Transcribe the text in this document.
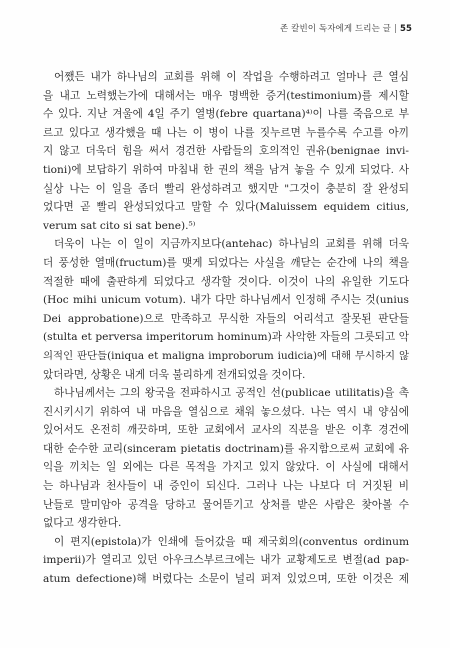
존 칼빈이 독자에게 드리는 글 | 55

어쨌든 내가 하나님의 교회를 위해 이 작업을 수행하려고 얼마나 큰 열심
을 내고 노력했는가에 대해서는 매우 명백한 증거(testimonium)를 제시할
수 있다. 지난 겨울에 4일 주기 열병(febre quartana)⁴⁾이 나를 죽음으로 부
르고 있다고 생각했을 때 나는 이 병이 나를 짓누르면 누를수록 수고를 아끼
지 않고 더욱더 힘을 써서 경건한 사람들의 호의적인 권유(benignae invi-
tioni)에 보답하기 위하여 마침내 한 권의 책을 남겨 놓을 수 있게 되었다. 사
실상 나는 이 일을 좀더 빨리 완성하려고 했지만 "그것이 충분히 잘 완성되
었다면 곧 빨리 완성되었다고 말할 수 있다(Maluissem equidem citius,
verum sat cito si sat bene).⁵⁾

더욱이 나는 이 일이 지금까지보다(antehac) 하나님의 교회를 위해 더욱
더 풍성한 열매(fructum)를 맺게 되었다는 사실을 깨닫는 순간에 나의 책을
적절한 때에 출판하게 되었다고 생각할 것이다. 이것이 나의 유일한 기도다
(Hoc mihi unicum votum). 내가 다만 하나님께서 인정해 주시는 것(unius
Dei approbatione)으로 만족하고 무식한 자들의 어리석고 잘못된 판단들
(stulta et perversa imperitorum hominum)과 사악한 자들의 그릇되고 악
의적인 판단들(iniqua et maligna improborum iudicia)에 대해 무시하지 않
았더라면, 상황은 내게 더욱 불리하게 전개되었을 것이다.

하나님께서는 그의 왕국을 전파하시고 공적인 선(publicae utilitatis)을 촉
진시키시기 위하여 내 마음을 열심으로 채워 놓으셨다. 나는 역시 내 양심에
있어서도 온전히 깨끗하며, 또한 교회에서 교사의 직분을 받은 이후 경건에
대한 순수한 교리(sinceram pietatis doctrinam)를 유지함으로써 교회에 유
익을 끼치는 일 외에는 다른 목적을 가지고 있지 않았다. 이 사실에 대해서
는 하나님과 천사들이 내 증인이 되신다. 그러나 나는 나보다 더 거짓된 비
난들로 말미암아 공격을 당하고 물어뜯기고 상처를 받은 사람은 찾아볼 수
없다고 생각한다.

이 편지(epistola)가 인쇄에 들어갔을 때 제국회의(conventus ordinum
imperii)가 열리고 있던 아우크스부르크에는 내가 교황제도로 변절(ad pap-
atum defectione)해 버렸다는 소문이 널리 퍼져 있었으며, 또한 이것은 제
